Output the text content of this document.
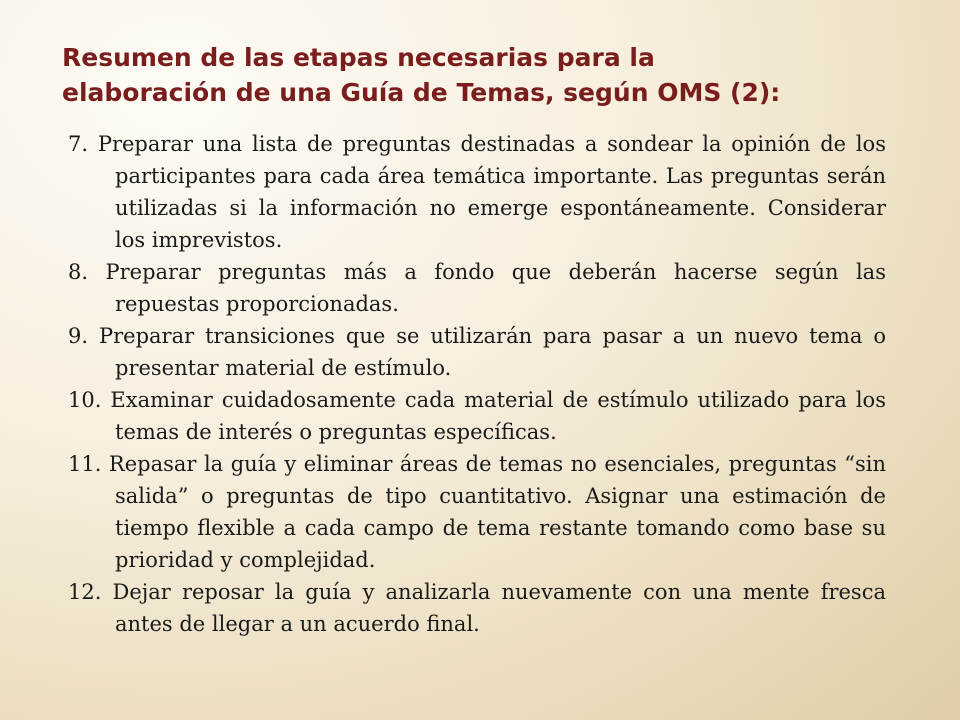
Resumen de las etapas necesarias para la
elaboración de una Guía de Temas, según OMS (2):
7. Preparar una lista de preguntas destinadas a sondear la opinión de los participantes para cada área temática importante. Las preguntas serán utilizadas si la información no emerge espontáneamente. Considerar los imprevistos.
8. Preparar preguntas más a fondo que deberán hacerse según las repuestas proporcionadas.
9. Preparar transiciones que se utilizarán para pasar a un nuevo tema o presentar material de estímulo.
10. Examinar cuidadosamente cada material de estímulo utilizado para los temas de interés o preguntas específicas.
11. Repasar la guía y eliminar áreas de temas no esenciales, preguntas “sin salida” o preguntas de tipo cuantitativo. Asignar una estimación de tiempo flexible a cada campo de tema restante tomando como base su prioridad y complejidad.
12. Dejar reposar la guía y analizarla nuevamente con una mente fresca antes de llegar a un acuerdo final.
